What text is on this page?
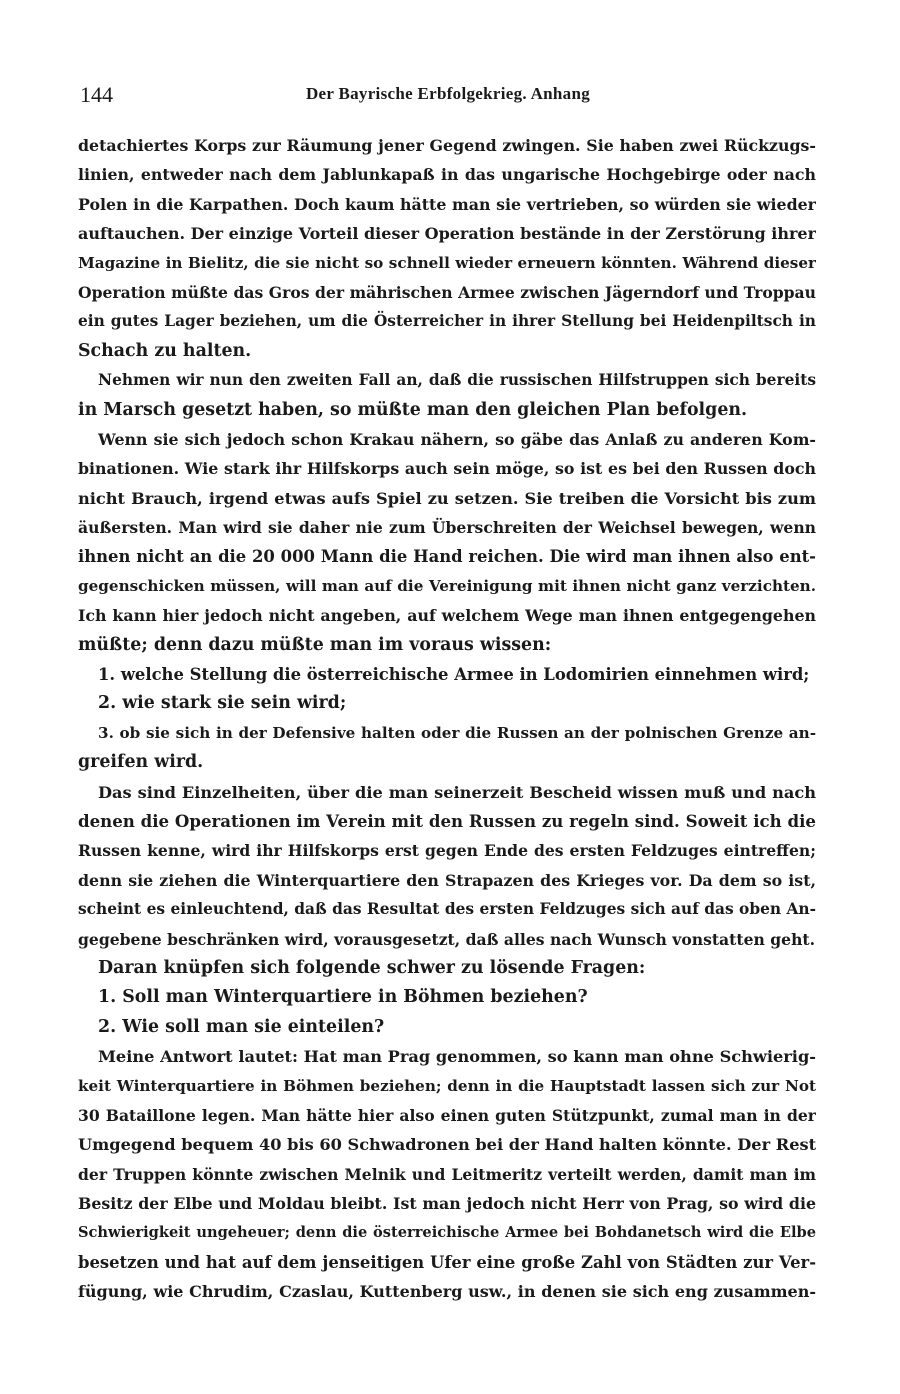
144	Der Bayrische Erbfolgekrieg. Anhang
detachiertes Korps zur Räumung jener Gegend zwingen. Sie haben zwei Rückzugs-
linien, entweder nach dem Jablunkapaß in das ungarische Hochgebirge oder nach
Polen in die Karpathen. Doch kaum hätte man sie vertrieben, so würden sie wieder
auftauchen. Der einzige Vorteil dieser Operation bestände in der Zerstörung ihrer
Magazine in Bielitz, die sie nicht so schnell wieder erneuern könnten. Während dieser
Operation müßte das Gros der mährischen Armee zwischen Jägerndorf und Troppau
ein gutes Lager beziehen, um die Österreicher in ihrer Stellung bei Heidenpiltsch in
Schach zu halten.
Nehmen wir nun den zweiten Fall an, daß die russischen Hilfstruppen sich bereits
in Marsch gesetzt haben, so müßte man den gleichen Plan befolgen.
Wenn sie sich jedoch schon Krakau nähern, so gäbe das Anlaß zu anderen Kom-
binationen. Wie stark ihr Hilfskorps auch sein möge, so ist es bei den Russen doch
nicht Brauch, irgend etwas aufs Spiel zu setzen. Sie treiben die Vorsicht bis zum
äußersten. Man wird sie daher nie zum Überschreiten der Weichsel bewegen, wenn
ihnen nicht an die 20 000 Mann die Hand reichen. Die wird man ihnen also ent-
gegenschicken müssen, will man auf die Vereinigung mit ihnen nicht ganz verzichten.
Ich kann hier jedoch nicht angeben, auf welchem Wege man ihnen entgegengehen
müßte; denn dazu müßte man im voraus wissen:
1. welche Stellung die österreichische Armee in Lodomirien einnehmen wird;
2. wie stark sie sein wird;
3. ob sie sich in der Defensive halten oder die Russen an der polnischen Grenze an-
greifen wird.
Das sind Einzelheiten, über die man seinerzeit Bescheid wissen muß und nach
denen die Operationen im Verein mit den Russen zu regeln sind. Soweit ich die
Russen kenne, wird ihr Hilfskorps erst gegen Ende des ersten Feldzuges eintreffen;
denn sie ziehen die Winterquartiere den Strapazen des Krieges vor. Da dem so ist,
scheint es einleuchtend, daß das Resultat des ersten Feldzuges sich auf das oben An-
gegebene beschränken wird, vorausgesetzt, daß alles nach Wunsch vonstatten geht.
Daran knüpfen sich folgende schwer zu lösende Fragen:
1. Soll man Winterquartiere in Böhmen beziehen?
2. Wie soll man sie einteilen?
Meine Antwort lautet: Hat man Prag genommen, so kann man ohne Schwierig-
keit Winterquartiere in Böhmen beziehen; denn in die Hauptstadt lassen sich zur Not
30 Bataillone legen. Man hätte hier also einen guten Stützpunkt, zumal man in der
Umgegend bequem 40 bis 60 Schwadronen bei der Hand halten könnte. Der Rest
der Truppen könnte zwischen Melnik und Leitmeritz verteilt werden, damit man im
Besitz der Elbe und Moldau bleibt. Ist man jedoch nicht Herr von Prag, so wird die
Schwierigkeit ungeheuer; denn die österreichische Armee bei Bohdanetsch wird die Elbe
besetzen und hat auf dem jenseitigen Ufer eine große Zahl von Städten zur Ver-
fügung, wie Chrudim, Czaslau, Kuttenberg usw., in denen sie sich eng zusammen-
